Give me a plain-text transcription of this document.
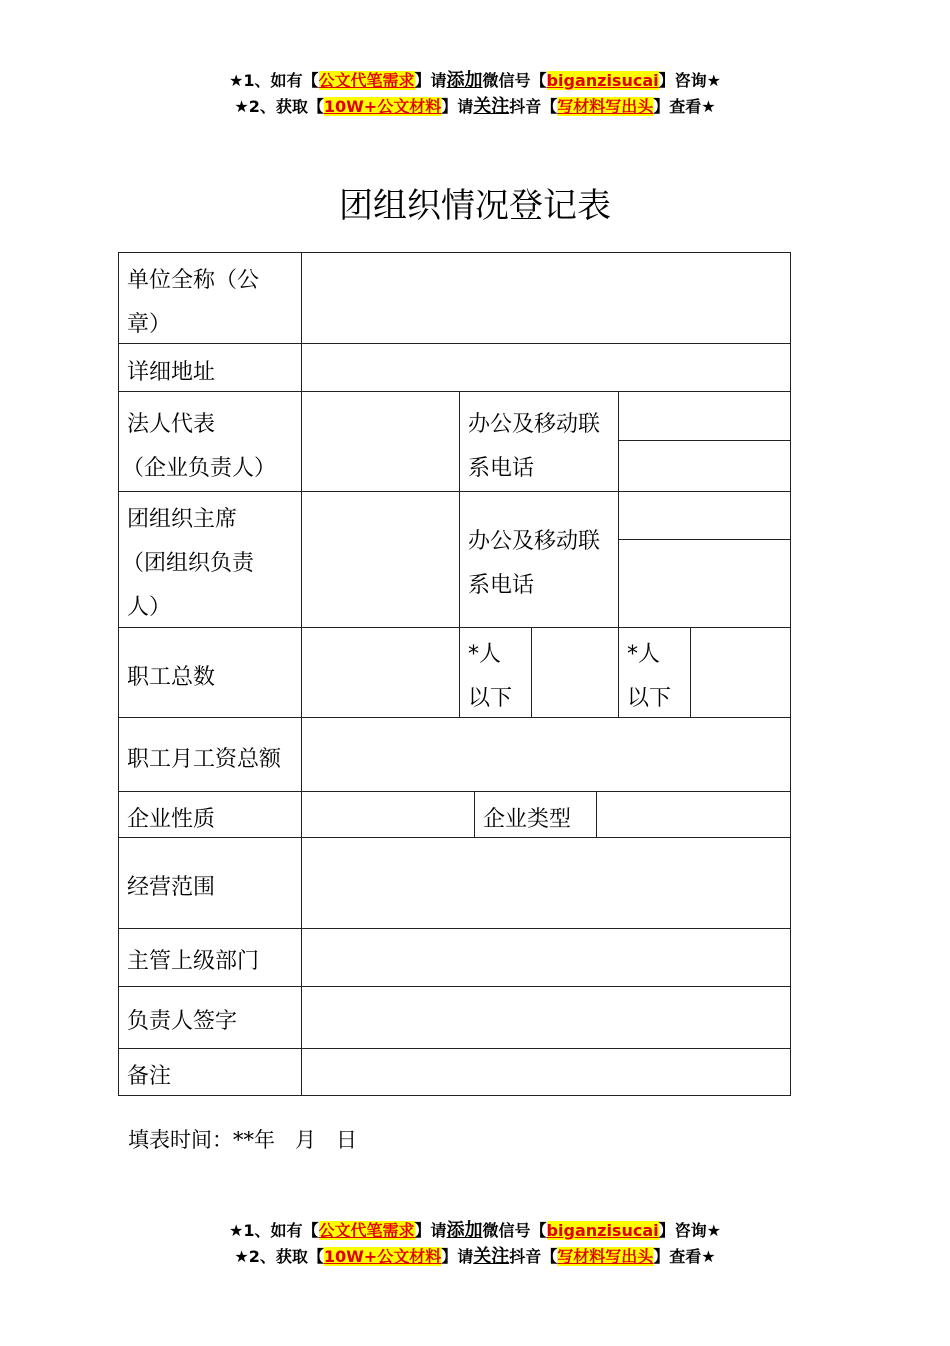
★1、如有【公文代笔需求】请添加微信号【biganzisucai】咨询★
★2、获取【10W+公文材料】请关注抖音【写材料写出头】查看★
团组织情况登记表
单位全称（公
章）
详细地址
法人代表
（企业负责人）
办公及移动联
系电话
团组织主席
（团组织负责
人）
办公及移动联
系电话
职工总数
*人
以下
*人
以下
职工月工资总额
企业性质	企业类型
经营范围
主管上级部门
负责人签字
备注
填表时间：**年   月   日
★1、如有【公文代笔需求】请添加微信号【biganzisucai】咨询★
★2、获取【10W+公文材料】请关注抖音【写材料写出头】查看★
